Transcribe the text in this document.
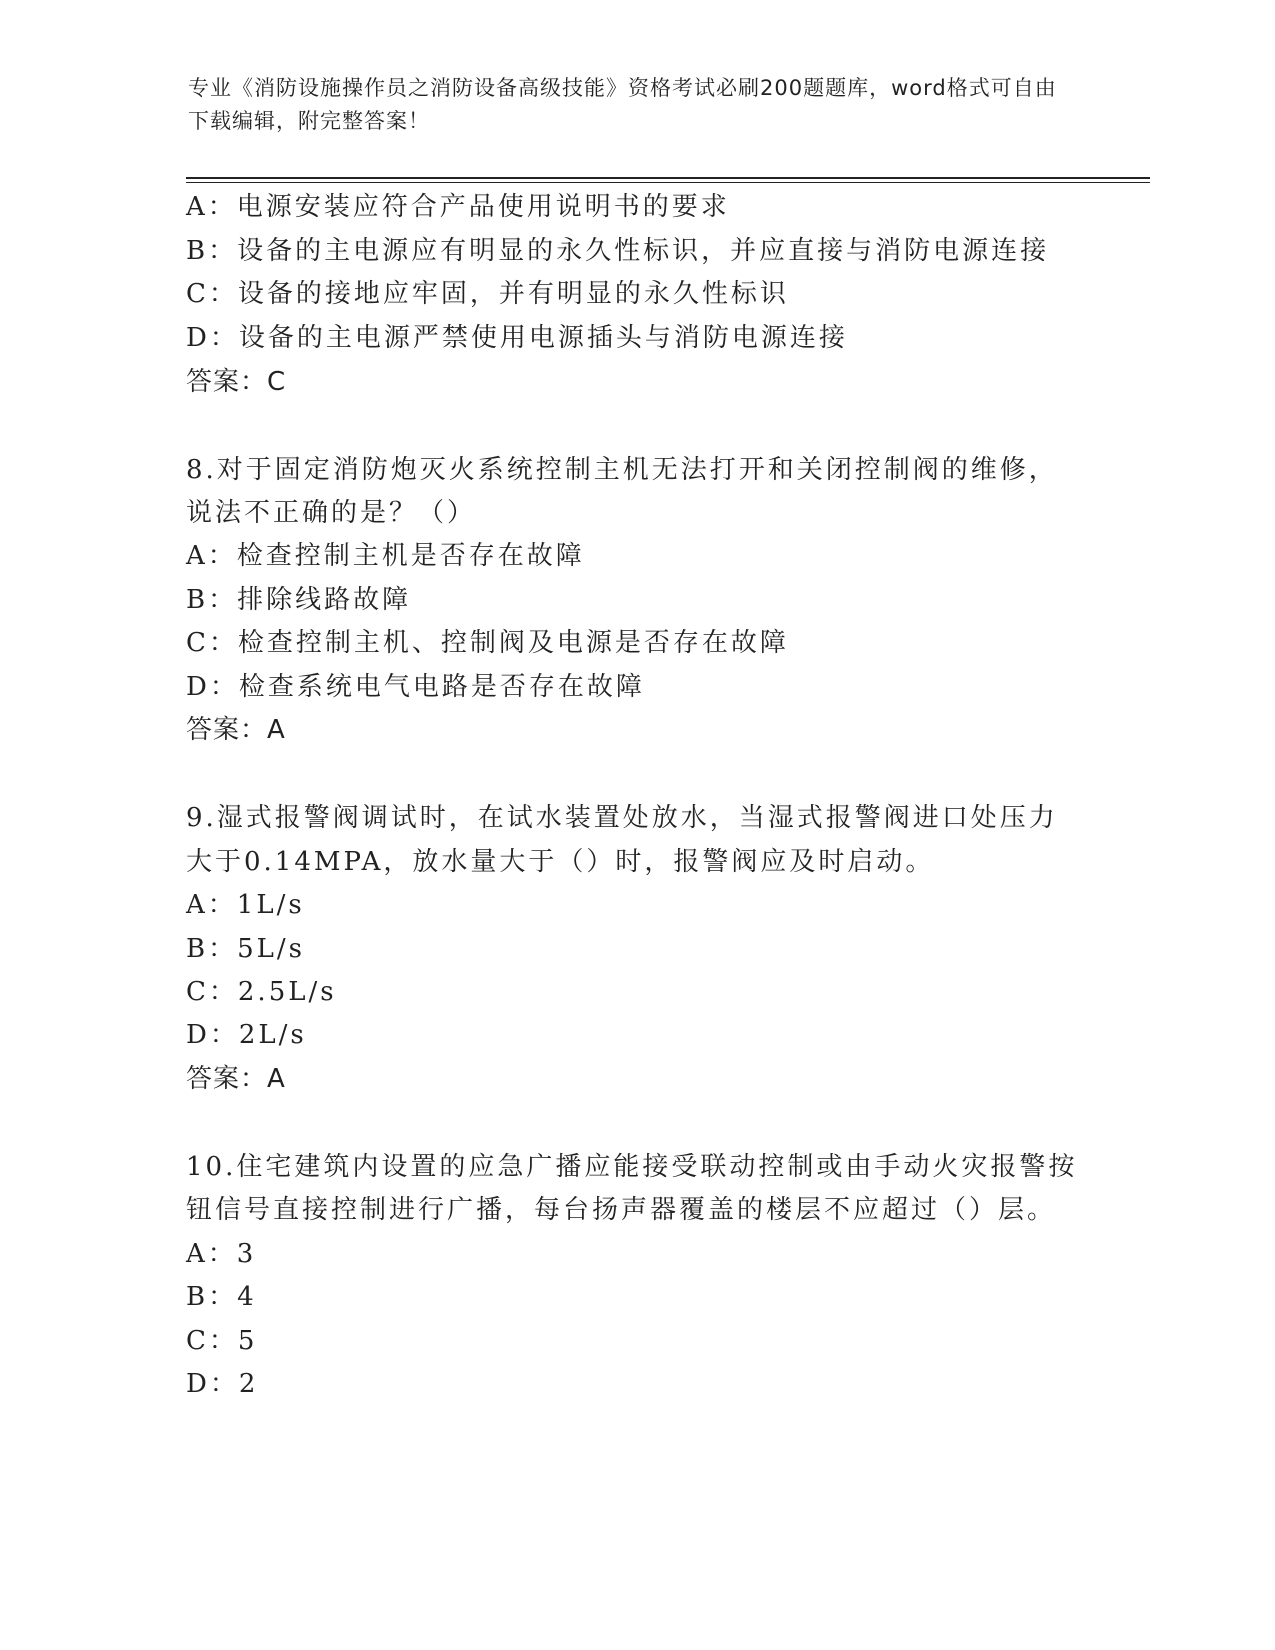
专业《消防设施操作员之消防设备高级技能》资格考试必刷200题题库，word格式可自由下载编辑，附完整答案！
A：电源安装应符合产品使用说明书的要求
B：设备的主电源应有明显的永久性标识，并应直接与消防电源连接
C：设备的接地应牢固，并有明显的永久性标识
D：设备的主电源严禁使用电源插头与消防电源连接
答案：C
8.对于固定消防炮灭火系统控制主机无法打开和关闭控制阀的维修，
说法不正确的是？（）
A：检查控制主机是否存在故障
B：排除线路故障
C：检查控制主机、控制阀及电源是否存在故障
D：检查系统电气电路是否存在故障
答案：A
9.湿式报警阀调试时，在试水装置处放水，当湿式报警阀进口处压力
大于0.14MPA，放水量大于（）时，报警阀应及时启动。
A：1L/s
B：5L/s
C：2.5L/s
D：2L/s
答案：A
10.住宅建筑内设置的应急广播应能接受联动控制或由手动火灾报警按
钮信号直接控制进行广播，每台扬声器覆盖的楼层不应超过（）层。
A：3
B：4
C：5
D：2
